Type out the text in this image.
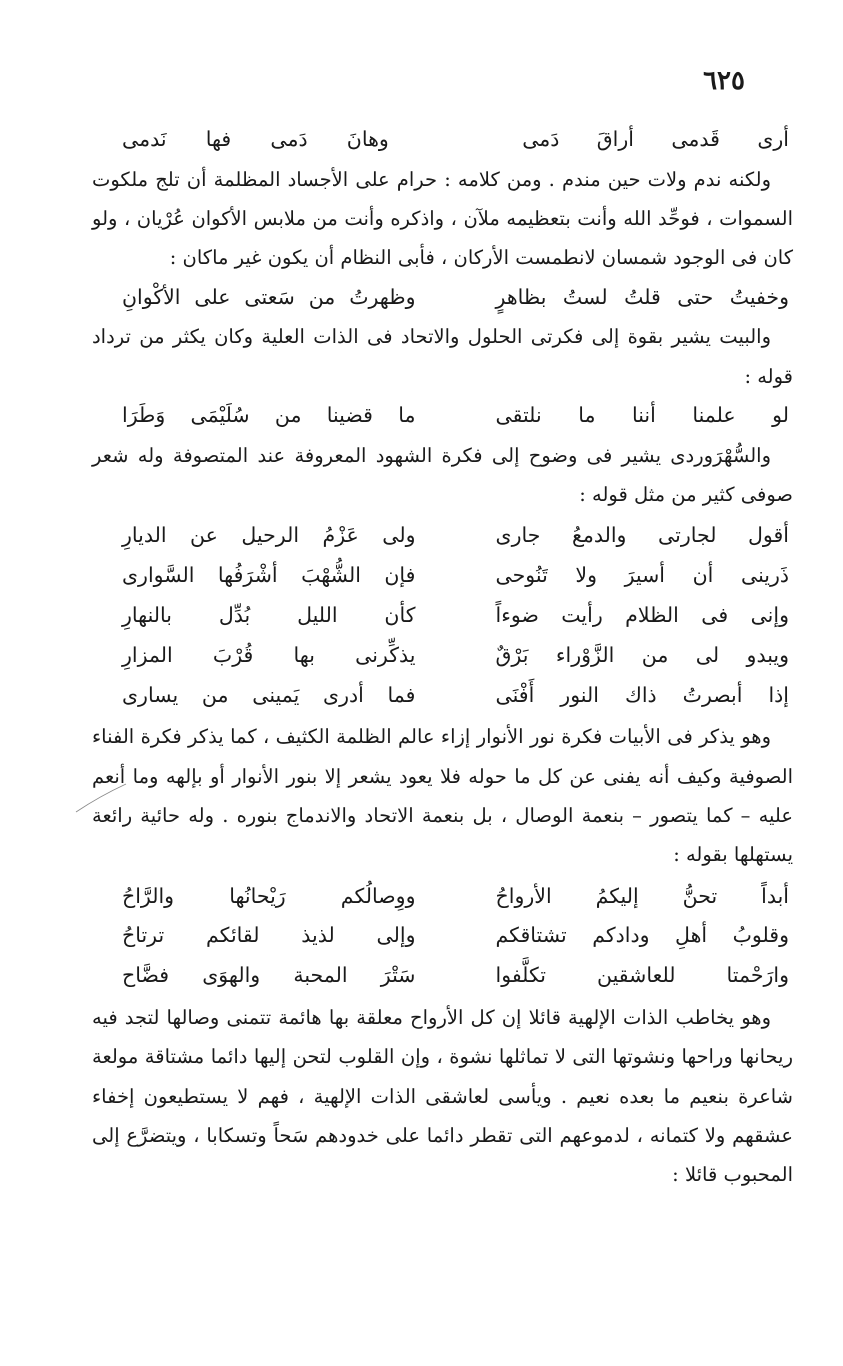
٦٢٥
أرى قَدمى أراقَ دَمى
وهانَ دَمى فها نَدمى

ولكنه ندم ولات حين مندم . ومن كلامه : حرام على الأجساد المظلمة أن تلج ملكوت السموات ، فوحِّد الله وأنت بتعظيمه ملآن ، واذكره وأنت من ملابس الأكوان عُرْيان ، ولو كان فى الوجود شمسان لانطمست الأركان ، فأبى النظام أن يكون غير ماكان :

وخفيتُ حتى قلتُ لستُ بظاهرٍ
وظهرتُ من سَعتى على الأكْوانِ

والبيت يشير بقوة إلى فكرتى الحلول والاتحاد فى الذات العلية وكان يكثر من ترداد قوله :

لو علمنا أننا ما نلتقى
ما قضينا من سُلَيْمَى وَطَرَا

والسُّهْرَوردى يشير فى وضوح إلى فكرة الشهود المعروفة عند المتصوفة وله شعر صوفى كثير من مثل قوله :

أقول لجارتى والدمعُ جارى
ولى عَزْمُ الرحيل عن الديارِ
ذَرينى أن أسيرَ ولا تَنُوحى
فإن الشُّهْبَ أشْرَفُها السَّوارى
وإنى فى الظلام رأيت ضوءاً
كأن الليل بُدِّل بالنهارِ
ويبدو لى من الزَّوْراء بَرْقٌ
يذكِّرنى بها قُرْبَ المزارِ
إذا أبصرتُ ذاك النور أَفْنَى
فما أدرى يَمينى من يسارى

وهو يذكر فى الأبيات فكرة نور الأنوار إزاء عالم الظلمة الكثيف ، كما يذكر فكرة الفناء الصوفية وكيف أنه يفنى عن كل ما حوله فلا يعود يشعر إلا بنور الأنوار أو بإلهه وما أنعم عليه – كما يتصور – بنعمة الوصال ، بل بنعمة الاتحاد والاندماج بنوره . وله حائية رائعة يستهلها بقوله :

أبداً تحنُّ إليكمُ الأرواحُ
ووِصالُكم رَيْحانُها والرَّاحُ
وقلوبُ أهلِ ودادكم تشتاقكم
وإلى لذيذ لقائكم ترتاحُ
وارَحْمتا للعاشقين تكلَّفوا
سَتْرَ المحبة والهوَى فضَّاح

وهو يخاطب الذات الإلهية قائلا إن كل الأرواح معلقة بها هائمة تتمنى وصالها لتجد فيه ريحانها وراحها ونشوتها التى لا تماثلها نشوة ، وإن القلوب لتحن إليها دائما مشتاقة مولعة شاعرة بنعيم ما بعده نعيم . ويأسى لعاشقى الذات الإلهية ، فهم لا يستطيعون إخفاء عشقهم ولا كتمانه ، لدموعهم التى تقطر دائما على خدودهم سَحاً وتسكابا ، ويتضرَّع إلى المحبوب قائلا :
